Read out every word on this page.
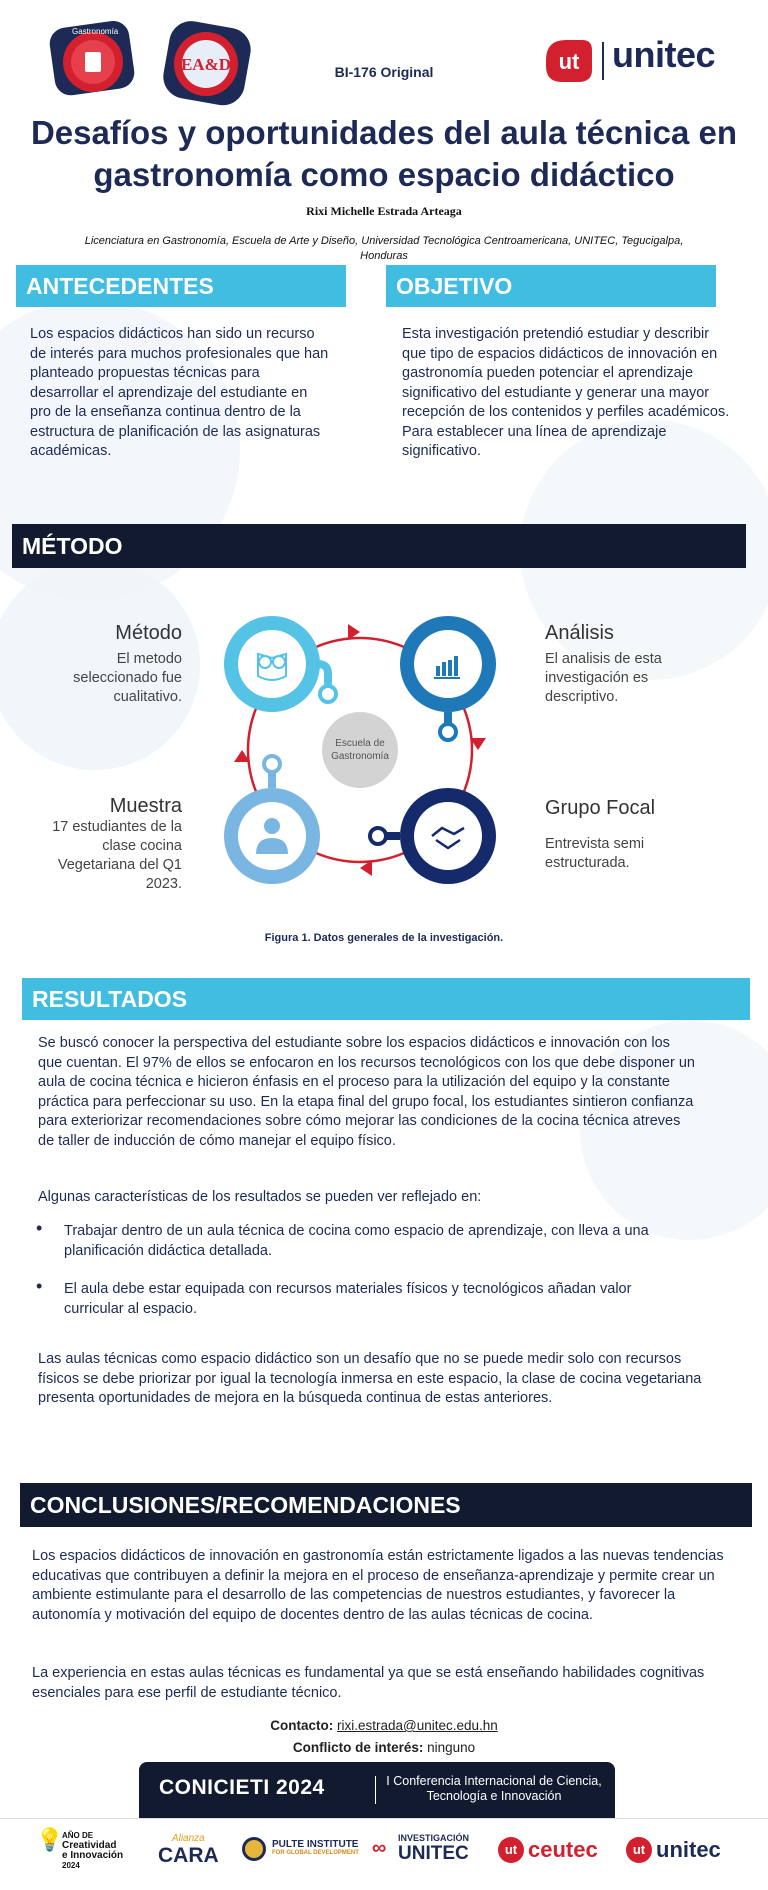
Gastronomía
EA&D	BI-176 Original	ut unitec
Desafíos y oportunidades del aula técnica en gastronomía como espacio didáctico
Rixi Michelle Estrada Arteaga
Licenciatura en Gastronomía, Escuela de Arte y Diseño, Universidad Tecnológica Centroamericana, UNITEC, Tegucigalpa, Honduras
ANTECEDENTES	OBJETIVO
Los espacios didácticos han sido un recurso de interés para muchos profesionales que han planteado propuestas técnicas para desarrollar el aprendizaje del estudiante en pro de la enseñanza continua dentro de la estructura de planificación de las asignaturas académicas.
Esta investigación pretendió estudiar y describir que tipo de espacios didácticos de innovación en gastronomía pueden potenciar el aprendizaje significativo del estudiante y generar una mayor recepción de los contenidos y perfiles académicos. Para establecer una línea de aprendizaje significativo.
MÉTODO
Escuela de
Gastronomía
Método
El metodo seleccionado fue cualitativo.
Análisis
El analisis de esta investigación es descriptivo.
Muestra
17 estudiantes de la clase cocina Vegetariana del Q1 2023.
Grupo Focal
Entrevista semi estructurada.
Figura 1. Datos generales de la investigación.
RESULTADOS
Se buscó conocer la perspectiva del estudiante sobre los espacios didácticos e innovación con los que cuentan. El 97% de ellos se enfocaron en los recursos tecnológicos con los que debe disponer un aula de cocina técnica e hicieron énfasis en el proceso para la utilización del equipo y la constante práctica para perfeccionar su uso. En la etapa final del grupo focal, los estudiantes sintieron confianza para exteriorizar recomendaciones sobre cómo mejorar las condiciones de la cocina técnica atreves de taller de inducción de cómo manejar el equipo físico.
Algunas características de los resultados se pueden ver reflejado en:
• Trabajar dentro de un aula técnica de cocina como espacio de aprendizaje, con lleva a una planificación didáctica detallada.
• El aula debe estar equipada con recursos materiales físicos y tecnológicos añadan valor curricular al espacio.
Las aulas técnicas como espacio didáctico son un desafío que no se puede medir solo con recursos físicos se debe priorizar por igual la tecnología inmersa en este espacio, la clase de cocina vegetariana presenta oportunidades de mejora en la búsqueda continua de estas anteriores.
CONCLUSIONES/RECOMENDACIONES
Los espacios didácticos de innovación en gastronomía están estrictamente ligados a las nuevas tendencias educativas que contribuyen a definir la mejora en el proceso de enseñanza-aprendizaje y permite crear un ambiente estimulante para el desarrollo de las competencias de nuestros estudiantes, y favorecer la autonomía y motivación del equipo de docentes dentro de las aulas técnicas de cocina.
La experiencia en estas aulas técnicas es fundamental ya que se está enseñando habilidades cognitivas esenciales para ese perfil de estudiante técnico.
Contacto: rixi.estrada@unitec.edu.hn
Conflicto de interés: ninguno
CONICIETI 2024	I Conferencia Internacional de Ciencia, Tecnología e Innovación
💡
AÑO DE
Creatividad
e Innovación
2024
Alianza
CARA	PULTE INSTITUTE
FOR GLOBAL DEVELOPMENT ∞ INVESTIGACIÓN
UNITEC	ut ceutec	ut unitec
